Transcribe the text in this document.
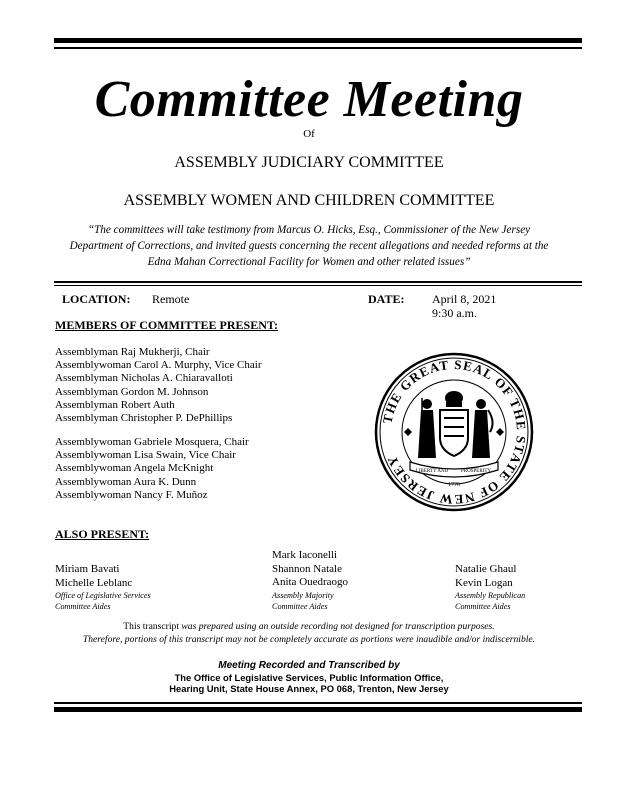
Committee Meeting
Of
ASSEMBLY JUDICIARY COMMITTEE
ASSEMBLY WOMEN AND CHILDREN COMMITTEE
“The committees will take testimony from Marcus O. Hicks, Esq., Commissioner of the New Jersey
Department of Corrections, and invited guests concerning the recent allegations and needed reforms at the
Edna Mahan Correctional Facility for Women and other related issues”
LOCATION: Remote	DATE: April 8, 2021
9:30 a.m.
MEMBERS OF COMMITTEE PRESENT:
Assemblyman Raj Mukherji, Chair
Assemblywoman Carol A. Murphy, Vice Chair
Assemblyman Nicholas A. Chiaravalloti
Assemblyman Gordon M. Johnson
Assemblyman Robert Auth
Assemblyman Christopher P. DePhillips
Assemblywoman Gabriele Mosquera, Chair
Assemblywoman Lisa Swain, Vice Chair
Assemblywoman Angela McKnight
Assemblywoman Aura K. Dunn
Assemblywoman Nancy F. Muñoz
THE GREAT SEAL OF THE STATE OF NEW JERSEY
LIBERTY AND	PROSPERITY
1776
ALSO PRESENT:
Miriam Bavati
Michelle Leblanc
Office of Legislative Services
Committee Aides
Mark Iaconelli
Shannon Natale
Anita Ouedraogo
Assembly Majority
Committee Aides
Natalie Ghaul
Kevin Logan
Assembly Republican
Committee Aides
This transcript was prepared using an outside recording not designed for transcription purposes.
Therefore, portions of this transcript may not be completely accurate as portions were inaudible and/or indiscernible.
Meeting Recorded and Transcribed by
The Office of Legislative Services, Public Information Office,
Hearing Unit, State House Annex, PO 068, Trenton, New Jersey
